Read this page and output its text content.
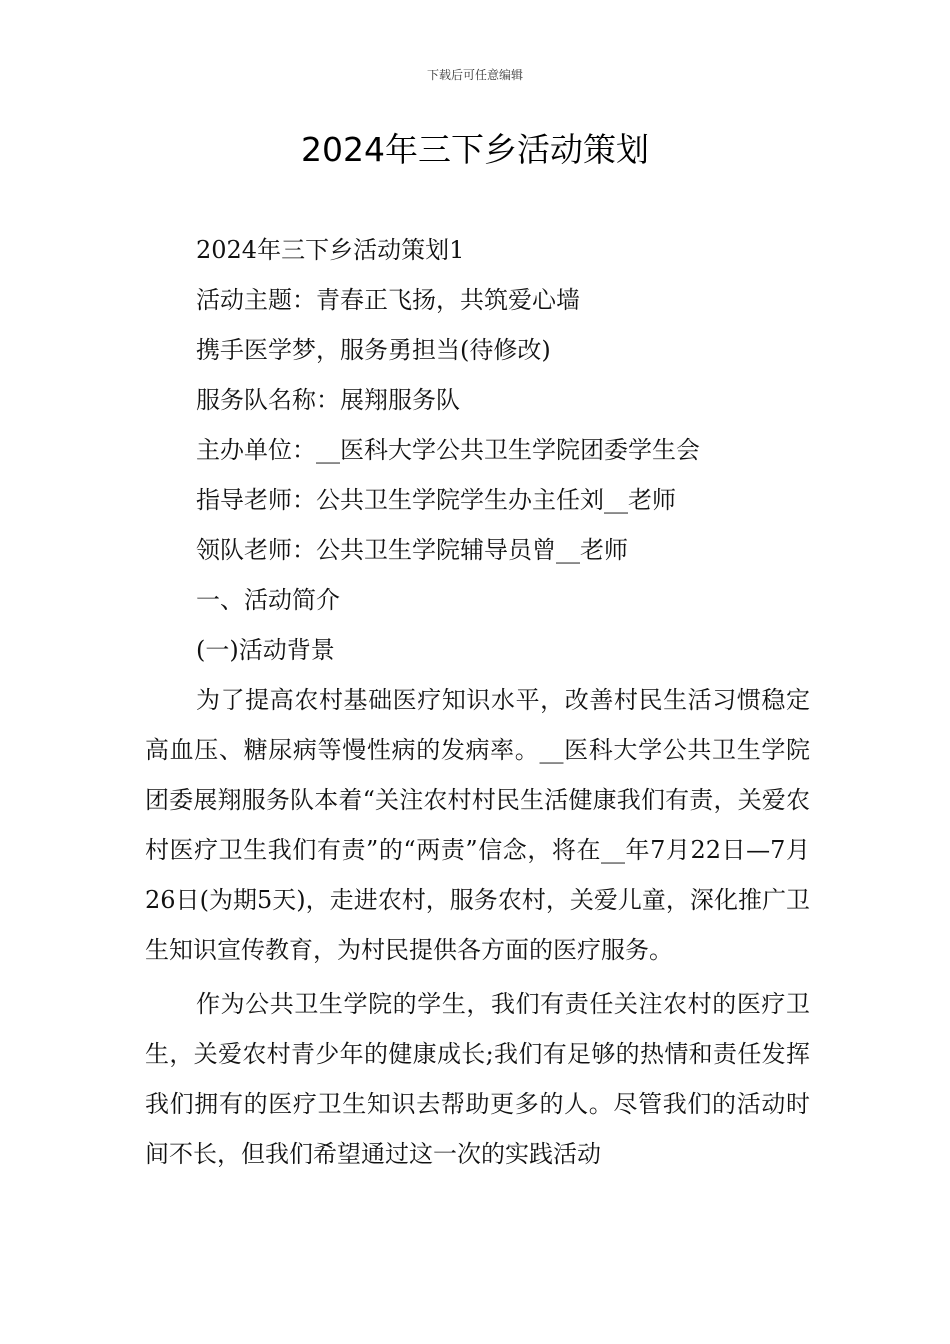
下载后可任意编辑
2024年三下乡活动策划

2024年三下乡活动策划1

活动主题：青春正飞扬，共筑爱心墙

携手医学梦，服务勇担当(待修改)

服务队名称：展翔服务队

主办单位：__医科大学公共卫生学院团委学生会

指导老师：公共卫生学院学生办主任刘__老师

领队老师：公共卫生学院辅导员曾__老师

一、活动简介

(一)活动背景

为了提高农村基础医疗知识水平，改善村民生活习惯稳定高血压、糖尿病等慢性病的发病率。__医科大学公共卫生学院团委展翔服务队本着“关注农村村民生活健康我们有责，关爱农村医疗卫生我们有责”的“两责”信念，将在__年7月22日—7月26日(为期5天)，走进农村，服务农村，关爱儿童，深化推广卫生知识宣传教育，为村民提供各方面的医疗服务。

作为公共卫生学院的学生，我们有责任关注农村的医疗卫生，关爱农村青少年的健康成长;我们有足够的热情和责任发挥我们拥有的医疗卫生知识去帮助更多的人。尽管我们的活动时间不长，但我们希望通过这一次的实践活动
